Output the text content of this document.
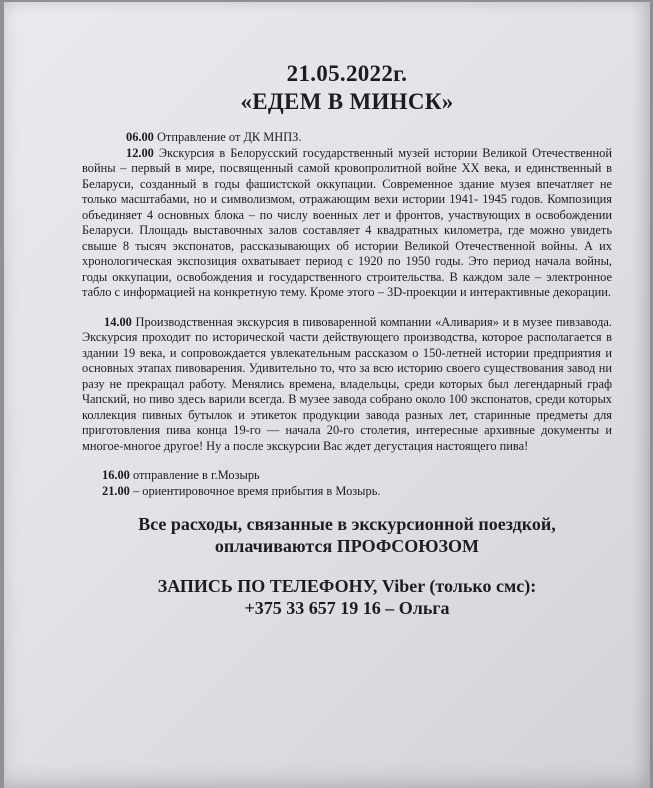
21.05.2022г.
«ЕДЕМ В МИНСК»

06.00 Отправление от ДК МНПЗ.
12.00 Экскурсия в Белорусский государственный музей истории Великой Отечественной войны – первый в мире, посвященный самой кровопролитной войне XX века, и единственный в Беларуси, созданный в годы фашистской оккупации. Современное здание музея впечатляет не только масштабами, но и символизмом, отражающим вехи истории 1941- 1945 годов. Композиция объединяет 4 основных блока – по числу военных лет и фронтов, участвующих в освобождении Беларуси. Площадь выставочных залов составляет 4 квадратных километра, где можно увидеть свыше 8 тысяч экспонатов, рассказывающих об истории Великой Отечественной войны. А их хронологическая экспозиция охватывает период с 1920 по 1950 годы. Это период начала войны, годы оккупации, освобождения и государственного строительства. В каждом зале – электронное табло с информацией на конкретную тему. Кроме этого – 3D-проекции и интерактивные декорации.

14.00 Производственная экскурсия в пивоваренной компании «Аливария» и в музее пивзавода. Экскурсия проходит по исторической части действующего производства, которое располагается в здании 19 века, и сопровождается увлекательным рассказом о 150-летней истории предприятия и основных этапах пивоварения. Удивительно то, что за всю историю своего существования завод ни разу не прекращал работу. Менялись времена, владельцы, среди которых был легендарный граф Чапский, но пиво здесь варили всегда. В музее завода собрано около 100 экспонатов, среди которых коллекция пивных бутылок и этикеток продукции завода разных лет, старинные предметы для приготовления пива конца 19-го — начала 20-го столетия, интересные архивные документы и многое-многое другое! Ну а после экскурсии Вас ждет дегустация настоящего пива!

16.00 отправление в г.Мозырь
21.00 – ориентировочное время прибытия в Мозырь.
Все расходы, связанные в экскурсионной поездкой,
оплачиваются ПРОФСОЮЗОМ
ЗАПИСЬ ПО ТЕЛЕФОНУ, Viber (только смс):
+375 33 657 19 16 – Ольга
